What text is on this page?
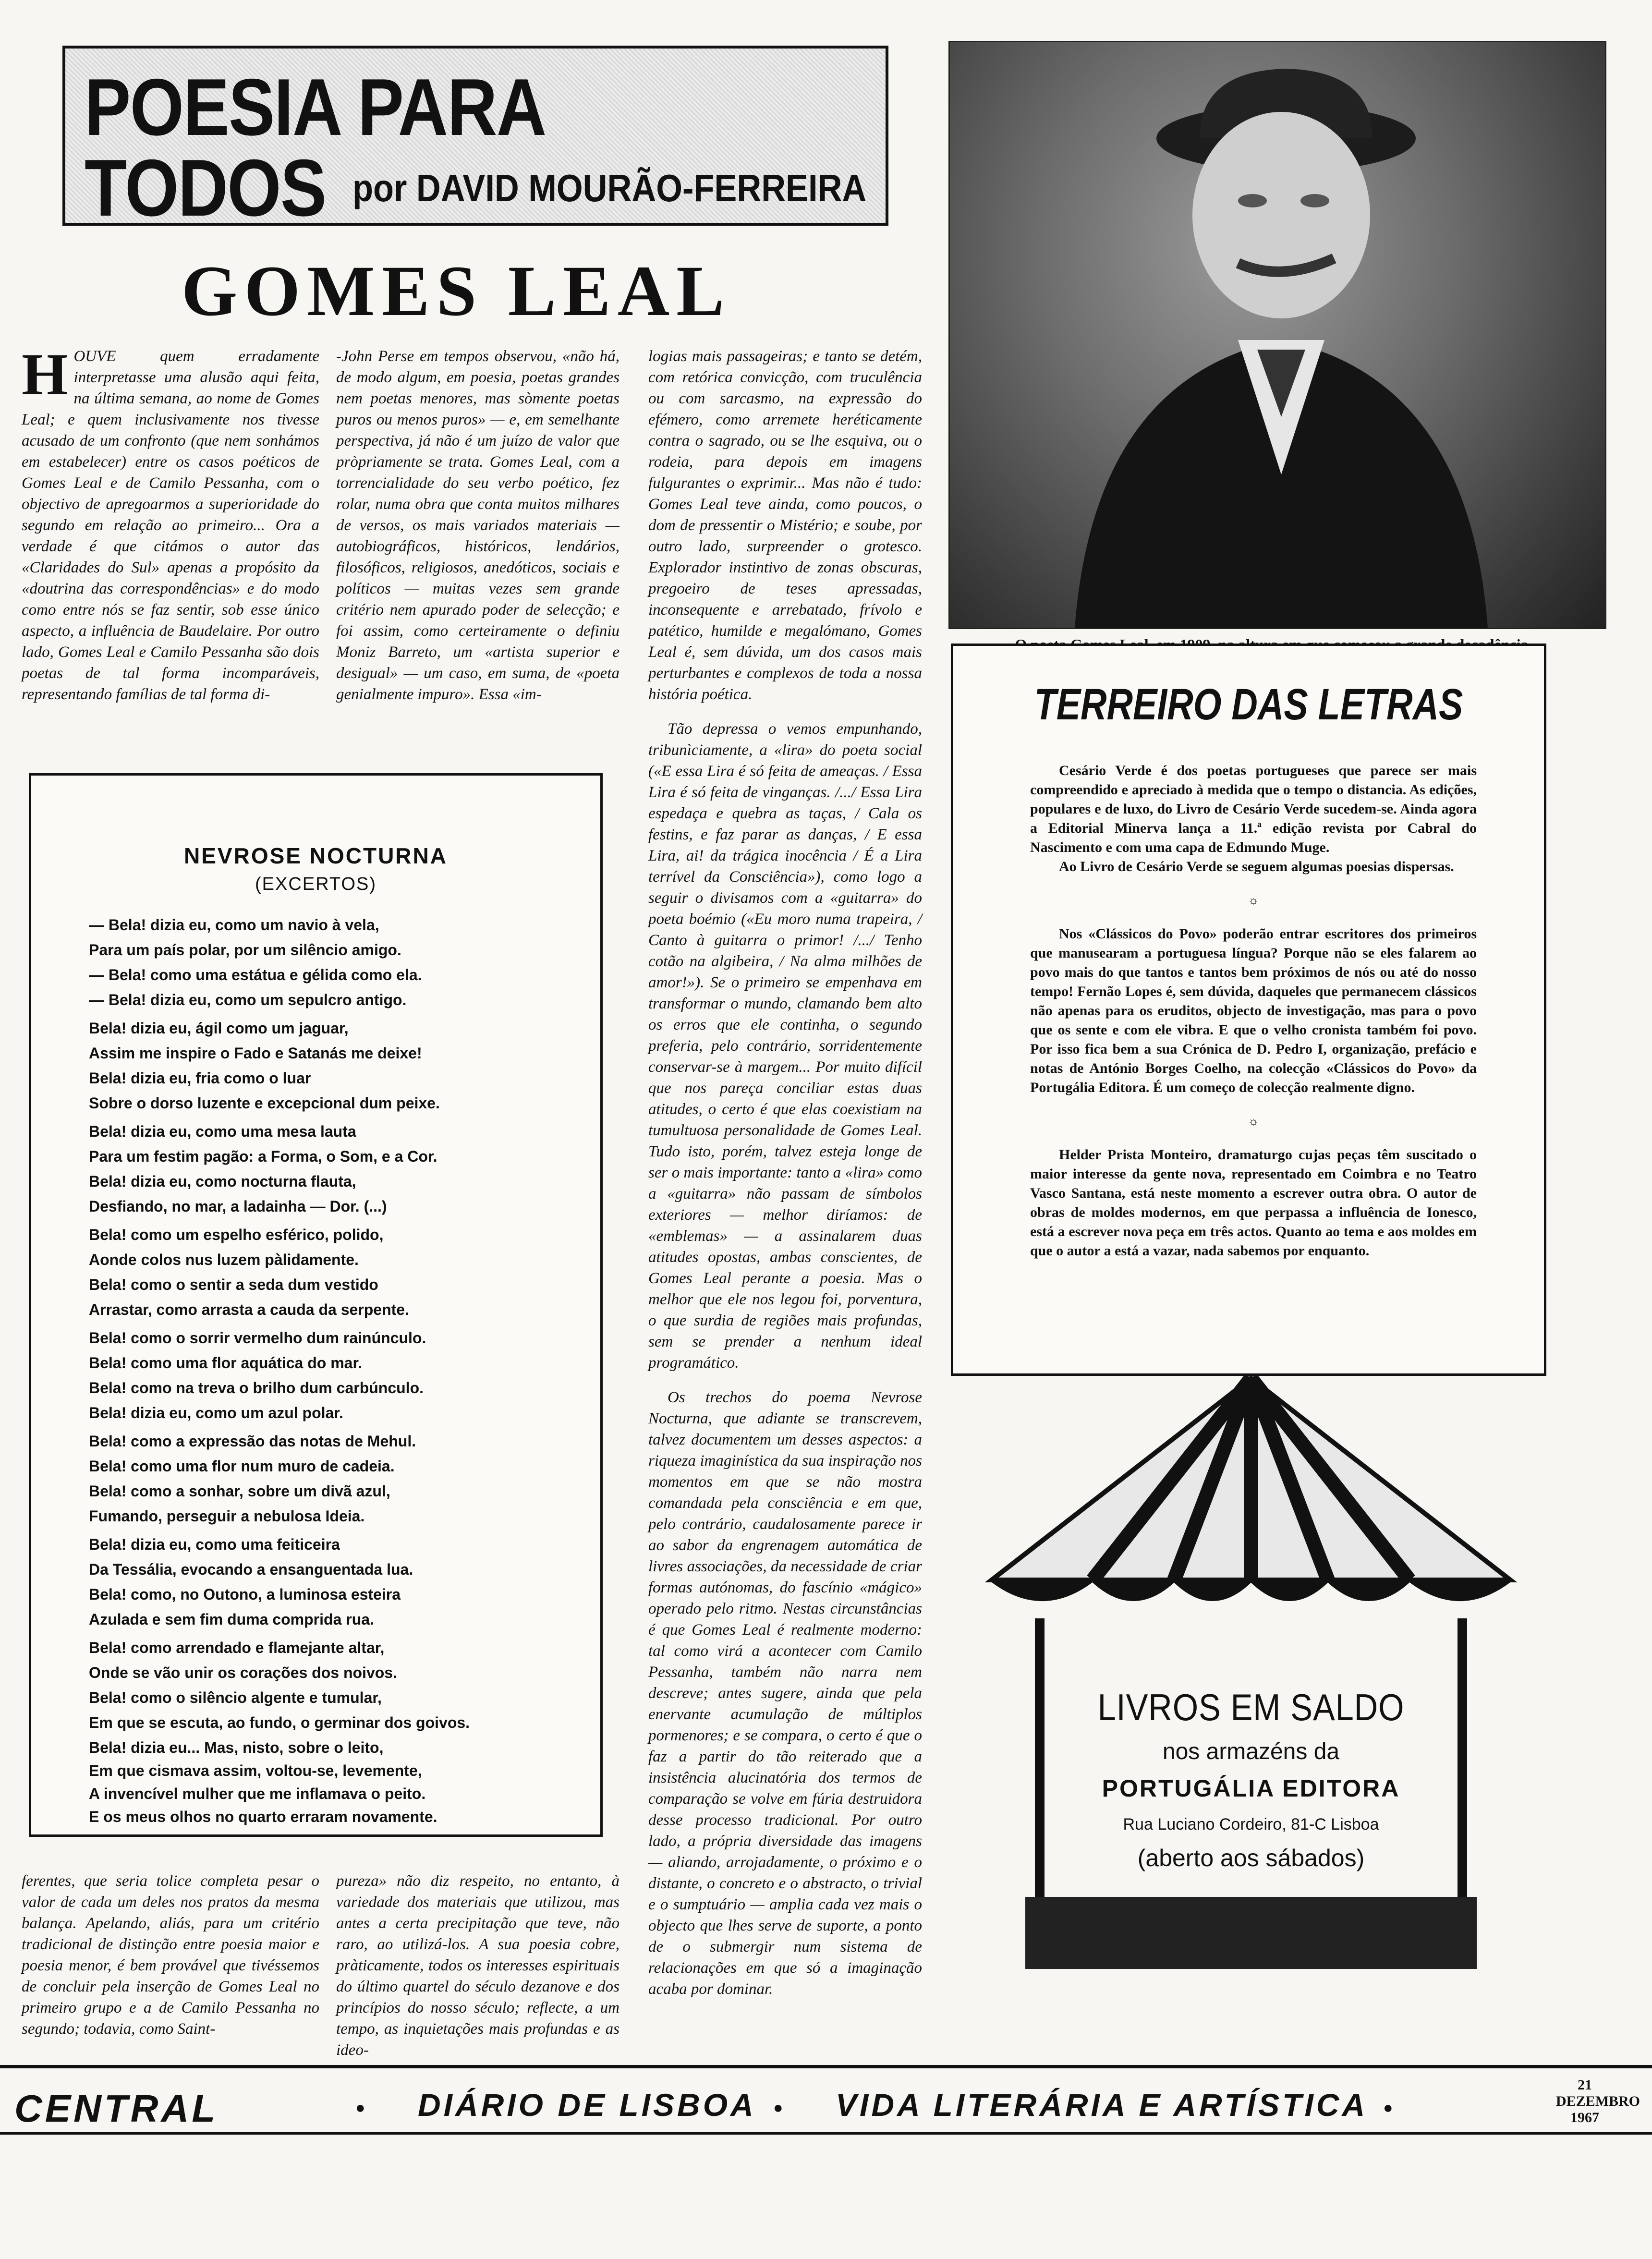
POESIA PARA TODOS por DAVID MOURÃO-FERREIRA
GOMES LEAL
H OUVE quem erradamente interpretasse uma alusão aqui feita, na última semana, ao nome de Gomes Leal; e quem inclusivamente nos tivesse acusado de um confronto (que nem sonhámos em estabelecer) entre os casos poéticos de Gomes Leal e de Camilo Pessanha, com o objectivo de apregoarmos a superioridade do segundo em relação ao primeiro... Ora a verdade é que citámos o autor das «Claridades do Sul» apenas a propósito da «doutrina das correspondências» e do modo como entre nós se faz sentir, sob esse único aspecto, a influência de Baudelaire. Por outro lado, Gomes Leal e Camilo Pessanha são dois poetas de tal forma incomparáveis, representando famílias de tal forma di-
-John Perse em tempos observou, «não há, de modo algum, em poesia, poetas grandes nem poetas menores, mas sòmente poetas puros ou menos puros» — e, em semelhante perspectiva, já não é um juízo de valor que pròpriamente se trata. Gomes Leal, com a torrencialidade do seu verbo poético, fez rolar, numa obra que conta muitos milhares de versos, os mais variados materiais — autobiográficos, históricos, lendários, filosóficos, religiosos, anedóticos, sociais e políticos — muitas vezes sem grande critério nem apurado poder de selecção; e foi assim, como certeiramente o definiu Moniz Barreto, um «artista superior e desigual» — um caso, em suma, de «poeta genialmente impuro». Essa «im-

logias mais passageiras; e tanto se detém, com retórica convicção, com truculência ou com sarcasmo, na expressão do efémero, como arremete heréticamente contra o sagrado, ou se lhe esquiva, ou o rodeia, para depois em imagens fulgurantes o exprimir... Mas não é tudo: Gomes Leal teve ainda, como poucos, o dom de pressentir o Mistério; e soube, por outro lado, surpreender o grotesco. Explorador instintivo de zonas obscuras, pregoeiro de teses apressadas, inconsequente e arrebatado, frívolo e patético, humilde e megalómano, Gomes Leal é, sem dúvida, um dos casos mais perturbantes e complexos de toda a nossa história poética.

Tão depressa o vemos empunhando, tribunìciamente, a «lira» do poeta social («E essa Lira é só feita de ameaças. / Essa Lira é só feita de vinganças. /.../ Essa Lira espedaça e quebra as taças, / Cala os festins, e faz parar as danças, / E essa Lira, ai! da trágica inocência / É a Lira terrível da Consciência»), como logo a seguir o divisamos com a «guitarra» do poeta boémio («Eu moro numa trapeira, / Canto à guitarra o primor! /.../ Tenho cotão na algibeira, / Na alma milhões de amor!»). Se o primeiro se empenhava em transformar o mundo, clamando bem alto os erros que ele continha, o segundo preferia, pelo contrário, sorridentemente conservar-se à margem... Por muito difícil que nos pareça conciliar estas duas atitudes, o certo é que elas coexistiam na tumultuosa personalidade de Gomes Leal. Tudo isto, porém, talvez esteja longe de ser o mais importante: tanto a «lira» como a «guitarra» não passam de símbolos exteriores — melhor diríamos: de «emblemas» — a assinalarem duas atitudes opostas, ambas conscientes, de Gomes Leal perante a poesia. Mas o melhor que ele nos legou foi, porventura, o que surdia de regiões mais profundas, sem se prender a nenhum ideal programático.

Os trechos do poema Nevrose Nocturna, que adiante se transcrevem, talvez documentem um desses aspectos: a riqueza imaginística da sua inspiração nos momentos em que se não mostra comandada pela consciência e em que, pelo contrário, caudalosamente parece ir ao sabor da engrenagem automática de livres associações, da necessidade de criar formas autónomas, do fascínio «mágico» operado pelo ritmo. Nestas circunstâncias é que Gomes Leal é realmente moderno: tal como virá a acontecer com Camilo Pessanha, também não narra nem descreve; antes sugere, ainda que pela enervante acumulação de múltiplos pormenores; e se compara, o certo é que o faz a partir do tão reiterado que a insistência alucinatória dos termos de comparação se volve em fúria destruidora desse processo tradicional. Por outro lado, a própria diversidade das imagens — aliando, arrojadamente, o próximo e o distante, o concreto e o abstracto, o trivial e o sumptuário — amplia cada vez mais o objecto que lhes serve de suporte, a ponto de o submergir num sistema de relacionações em que só a imaginação acaba por dominar.

NEVROSE NOCTURNA
(EXCERTOS)
— Bela! dizia eu, como um navio à vela,
Para um país polar, por um silêncio amigo.
— Bela! como uma estátua e gélida como ela.
— Bela! dizia eu, como um sepulcro antigo.
Bela! dizia eu, ágil como um jaguar,
Assim me inspire o Fado e Satanás me deixe!
Bela! dizia eu, fria como o luar
Sobre o dorso luzente e excepcional dum peixe.
Bela! dizia eu, como uma mesa lauta
Para um festim pagão: a Forma, o Som, e a Cor.
Bela! dizia eu, como nocturna flauta,
Desfiando, no mar, a ladainha — Dor. (...)
Bela! como um espelho esférico, polido,
Aonde colos nus luzem pàlidamente.
Bela! como o sentir a seda dum vestido
Arrastar, como arrasta a cauda da serpente.
Bela! como o sorrir vermelho dum rainúnculo.
Bela! como uma flor aquática do mar.
Bela! como na treva o brilho dum carbúnculo.
Bela! dizia eu, como um azul polar.
Bela! como a expressão das notas de Mehul.
Bela! como uma flor num muro de cadeia.
Bela! como a sonhar, sobre um divã azul,
Fumando, perseguir a nebulosa Ideia.
Bela! dizia eu, como uma feiticeira
Da Tessália, evocando a ensanguentada lua.
Bela! como, no Outono, a luminosa esteira
Azulada e sem fim duma comprida rua.
Bela! como arrendado e flamejante altar,
Onde se vão unir os corações dos noivos.
Bela! como o silêncio algente e tumular,
Em que se escuta, ao fundo, o germinar dos goivos.
Bela! dizia eu... Mas, nisto, sobre o leito,
Em que cismava assim, voltou-se, levemente,
A invencível mulher que me inflamava o peito.
E os meus olhos no quarto erraram novamente.
ferentes, que seria tolice completa pesar o valor de cada um deles nos pratos da mesma balança. Apelando, aliás, para um critério tradicional de distinção entre poesia maior e poesia menor, é bem provável que tivéssemos de concluir pela inserção de Gomes Leal no primeiro grupo e a de Camilo Pessanha no segundo; todavia, como Saint-
pureza» não diz respeito, no entanto, à variedade dos materiais que utilizou, mas antes a certa precipitação que teve, não raro, ao utilizá-los. A sua poesia cobre, pràticamente, todos os interesses espirituais do último quartel do século dezanove e dos princípios do nosso século; reflecte, a um tempo, as inquietações mais profundas e as ideo-
TERREIRO DAS LETRAS

Cesário Verde é dos poetas portugueses que parece ser mais compreendido e apreciado à medida que o tempo o distancia. As edições, populares e de luxo, do Livro de Cesário Verde sucedem-se. Ainda agora a Editorial Minerva lança a 11.ª edição revista por Cabral do Nascimento e com uma capa de Edmundo Muge.

Ao Livro de Cesário Verde se seguem algumas poesias dispersas.

☼

Nos «Clássicos do Povo» poderão entrar escritores dos primeiros que manusearam a portuguesa língua? Porque não se eles falarem ao povo mais do que tantos e tantos bem próximos de nós ou até do nosso tempo! Fernão Lopes é, sem dúvida, daqueles que permanecem clássicos não apenas para os eruditos, objecto de investigação, mas para o povo que os sente e com ele vibra. E que o velho cronista também foi povo. Por isso fica bem a sua Crónica de D. Pedro I, organização, prefácio e notas de António Borges Coelho, na colecção «Clássicos do Povo» da Portugália Editora. É um começo de colecção realmente digno.

☼

Helder Prista Monteiro, dramaturgo cujas peças têm suscitado o maior interesse da gente nova, representado em Coimbra e no Teatro Vasco Santana, está neste momento a escrever outra obra. O autor de obras de moldes modernos, em que perpassa a influência de Ionesco, está a escrever nova peça em três actos. Quanto ao tema e aos moldes em que o autor a está a vazar, nada sabemos por enquanto.

LIVROS EM SALDO
nos armazéns da
PORTUGÁLIA EDITORA
Rua Luciano Cordeiro, 81-C Lisboa
(aberto aos sábados)
CENTRAL	● DIÁRIO DE LISBOA ● VIDA LITERÁRIA E ARTÍSTICA ●
21
DEZEMBRO
1967
